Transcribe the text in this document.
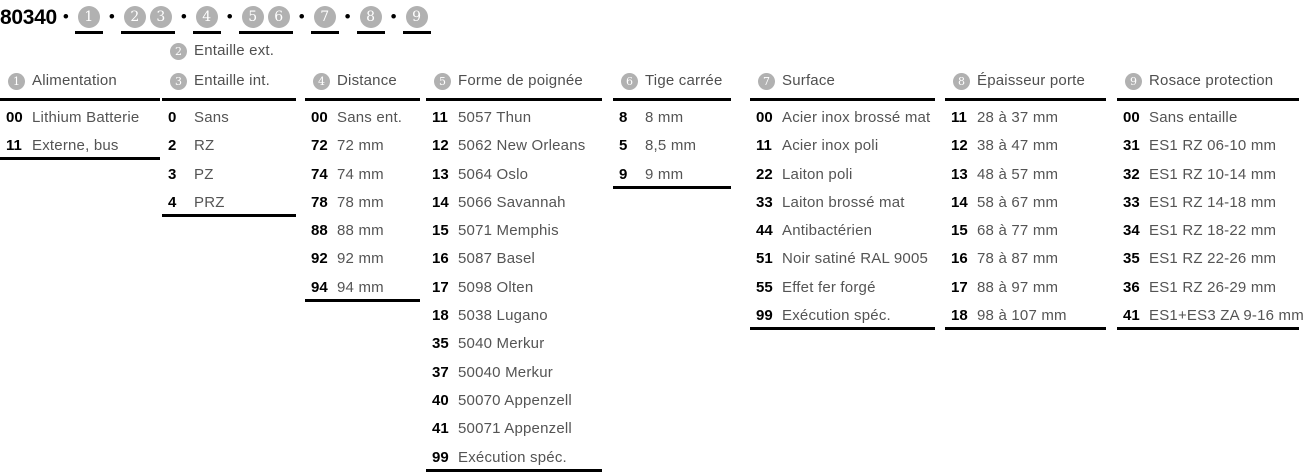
80340 •	1 •	2	3 •	4 •	5	6 •	7 •	8 •	9
1 Alimentation
00 Lithium Batterie
11 Externe, bus
2 Entaille ext.
3 Entaille int.
0	Sans
2	RZ
3	PZ
4	PRZ
4 Distance
00 Sans ent.
72 72 mm
74 74 mm
78 78 mm
88 88 mm
92 92 mm
94 94 mm
5 Forme de poignée
11 5057 Thun
12 5062 New Orleans
13 5064 Oslo
14 5066 Savannah
15 5071 Memphis
16 5087 Basel
17 5098 Olten
18 5038 Lugano
35 5040 Merkur
37 50040 Merkur
40 50070 Appenzell
41 50071 Appenzell
99 Exécution spéc.
6 Tige carrée
8	8 mm
5	8,5 mm
9	9 mm
7 Surface
00 Acier inox brossé mat
11 Acier inox poli
22 Laiton poli
33 Laiton brossé mat
44 Antibactérien
51 Noir satiné RAL 9005
55 Effet fer forgé
99 Exécution spéc.
8 Épaisseur porte
11 28 à 37 mm
12 38 à 47 mm
13 48 à 57 mm
14 58 à 67 mm
15 68 à 77 mm
16 78 à 87 mm
17 88 à 97 mm
18 98 à 107 mm
9 Rosace protection
00 Sans entaille
31 ES1 RZ 06-10 mm
32 ES1 RZ 10-14 mm
33 ES1 RZ 14-18 mm
34 ES1 RZ 18-22 mm
35 ES1 RZ 22-26 mm
36 ES1 RZ 26-29 mm
41 ES1+ES3 ZA 9-16 mm
